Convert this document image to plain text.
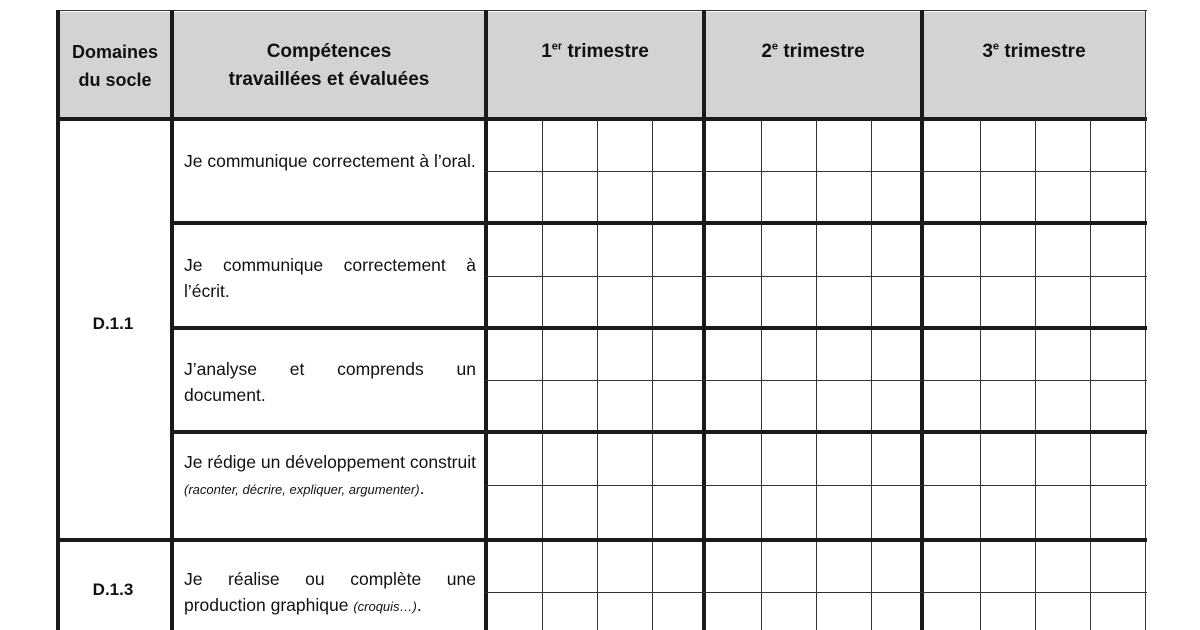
Domaines
du socle
Compétences
travaillées et évaluées
1er trimestre	2e trimestre	3e trimestre
D.1.1
D.1.3
Je communique correctement à l’oral.
Je communique correctement à l’écrit.
J’analyse et comprends un document.
Je rédige un développement construit (raconter, décrire, expliquer, argumenter).
Je réalise ou complète une production graphique (croquis…).
